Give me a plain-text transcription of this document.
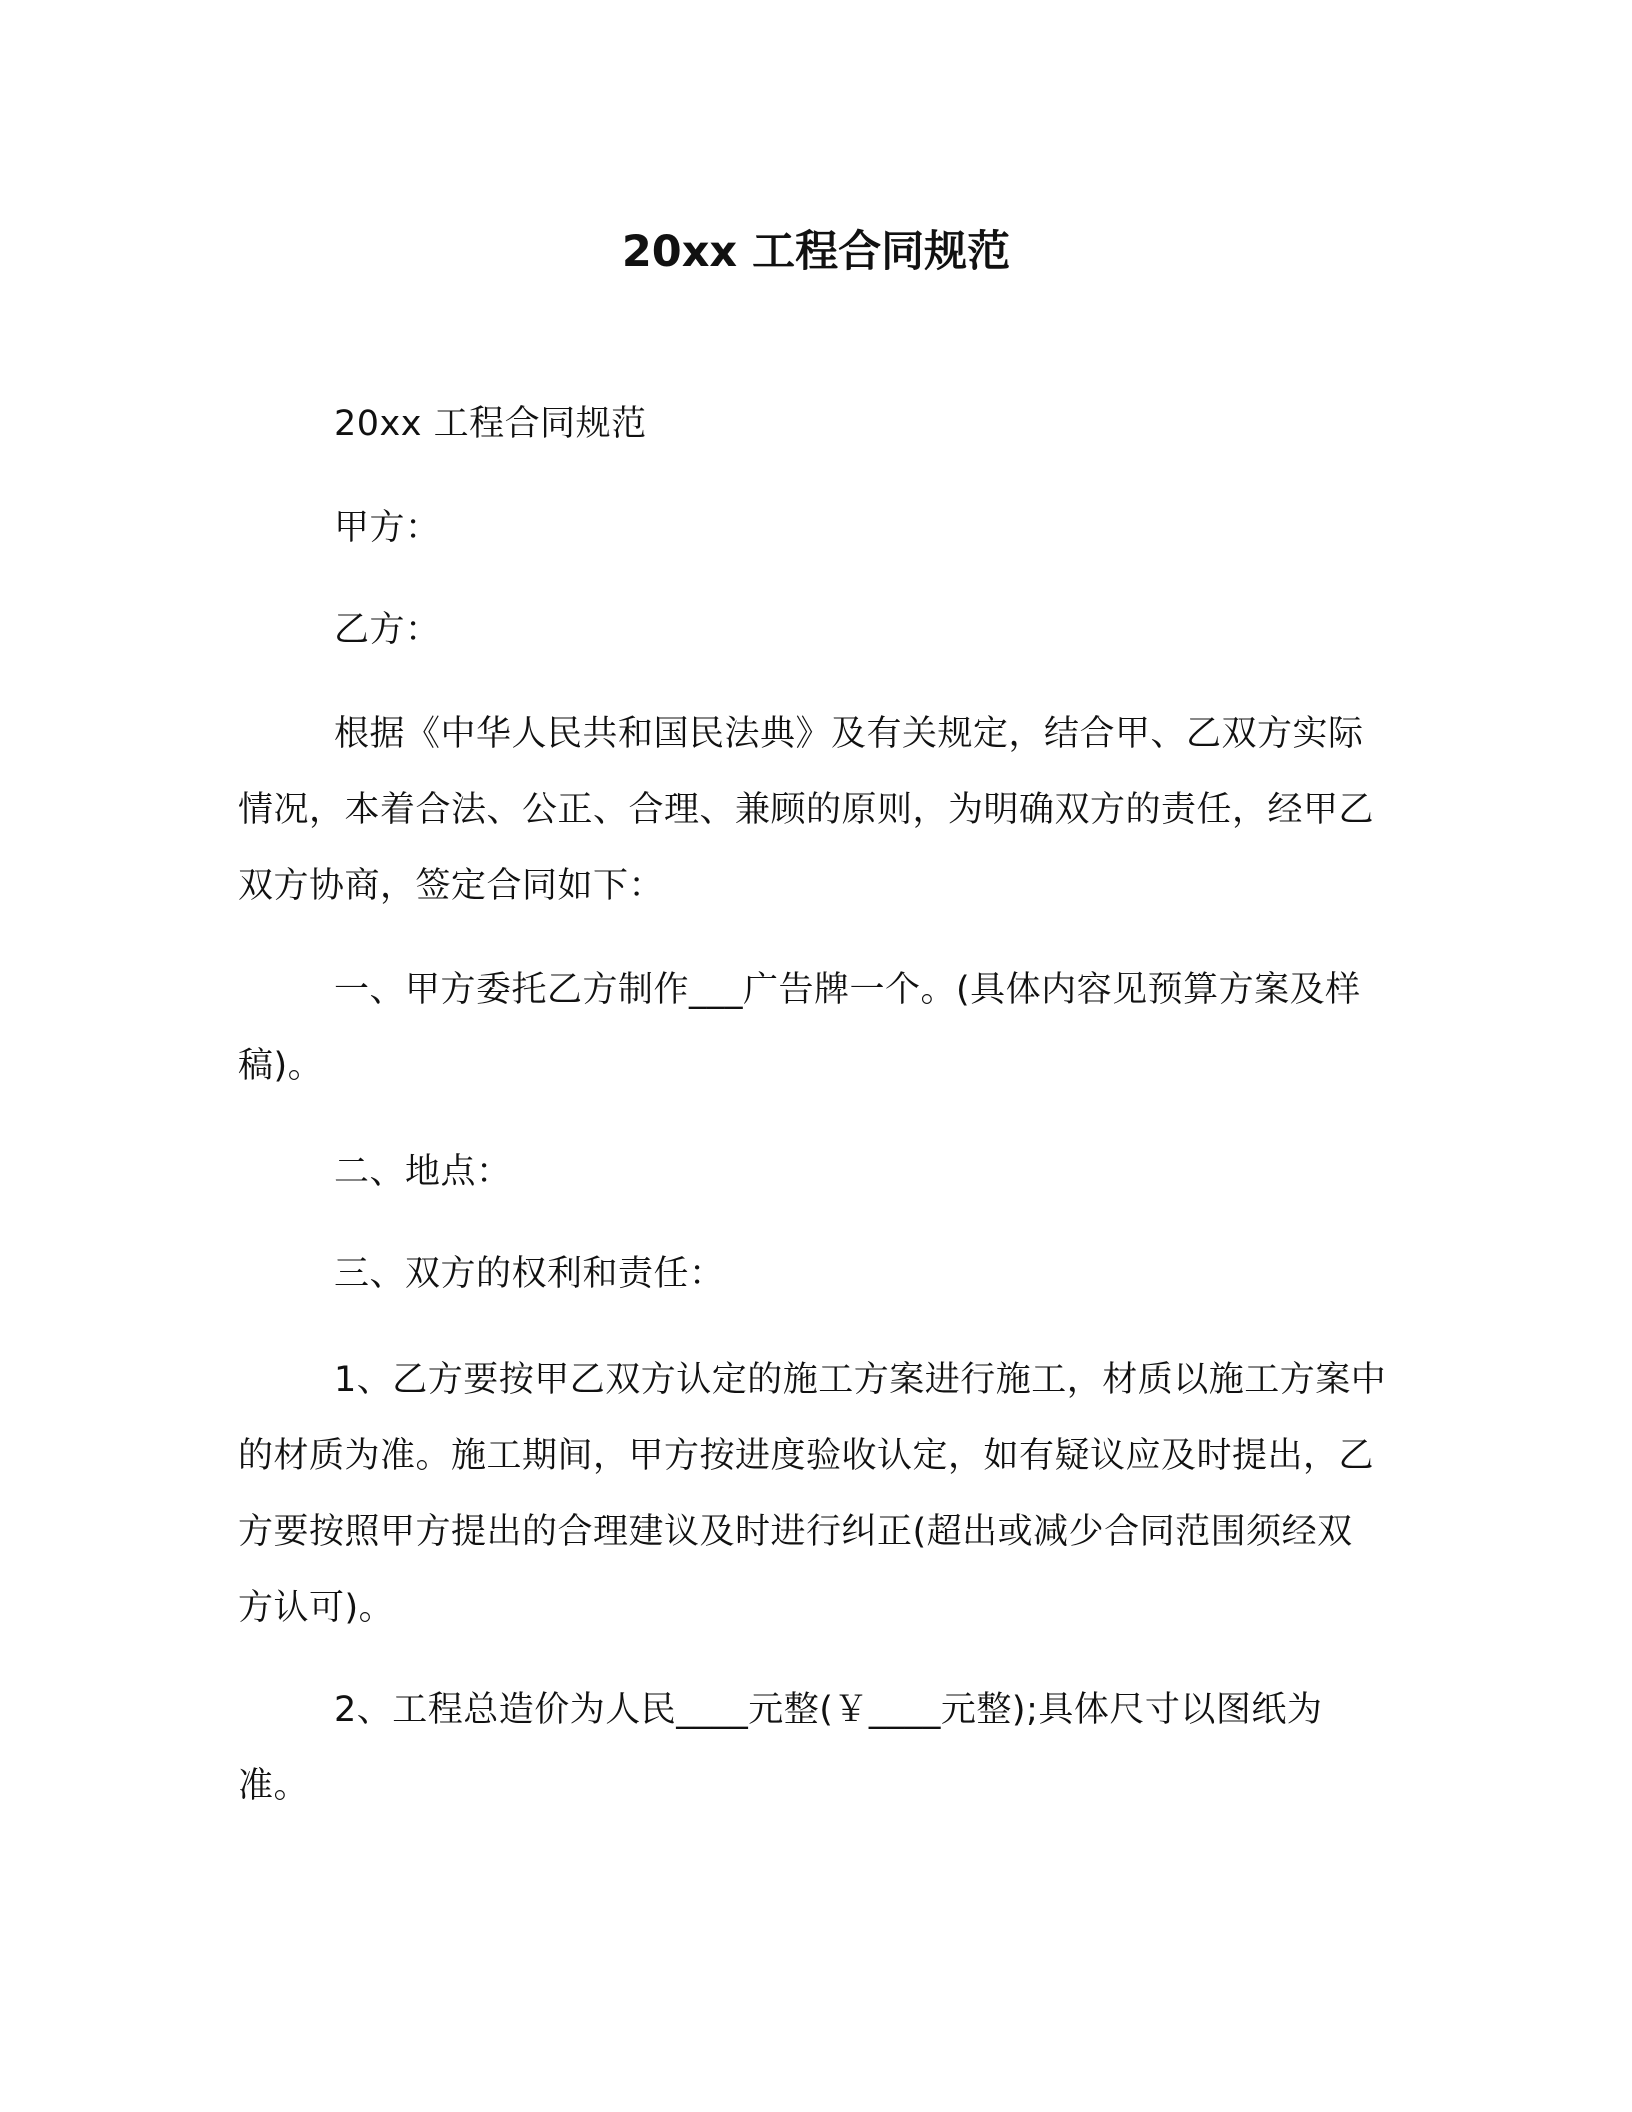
20xx 工程合同规范

20xx 工程合同规范

甲方：

乙方：

根据《中华人民共和国民法典》及有关规定，结合甲、乙双方实际情况，本着合法、公正、合理、兼顾的原则，为明确双方的责任，经甲乙双方协商，签定合同如下：

一、甲方委托乙方制作___广告牌一个。(具体内容见预算方案及样稿)。

二、地点：

三、双方的权利和责任：

1、乙方要按甲乙双方认定的施工方案进行施工，材质以施工方案中的材质为准。施工期间，甲方按进度验收认定，如有疑议应及时提出，乙方要按照甲方提出的合理建议及时进行纠正(超出或减少合同范围须经双方认可)。

2、工程总造价为人民____元整(￥____元整);具体尺寸以图纸为准。
